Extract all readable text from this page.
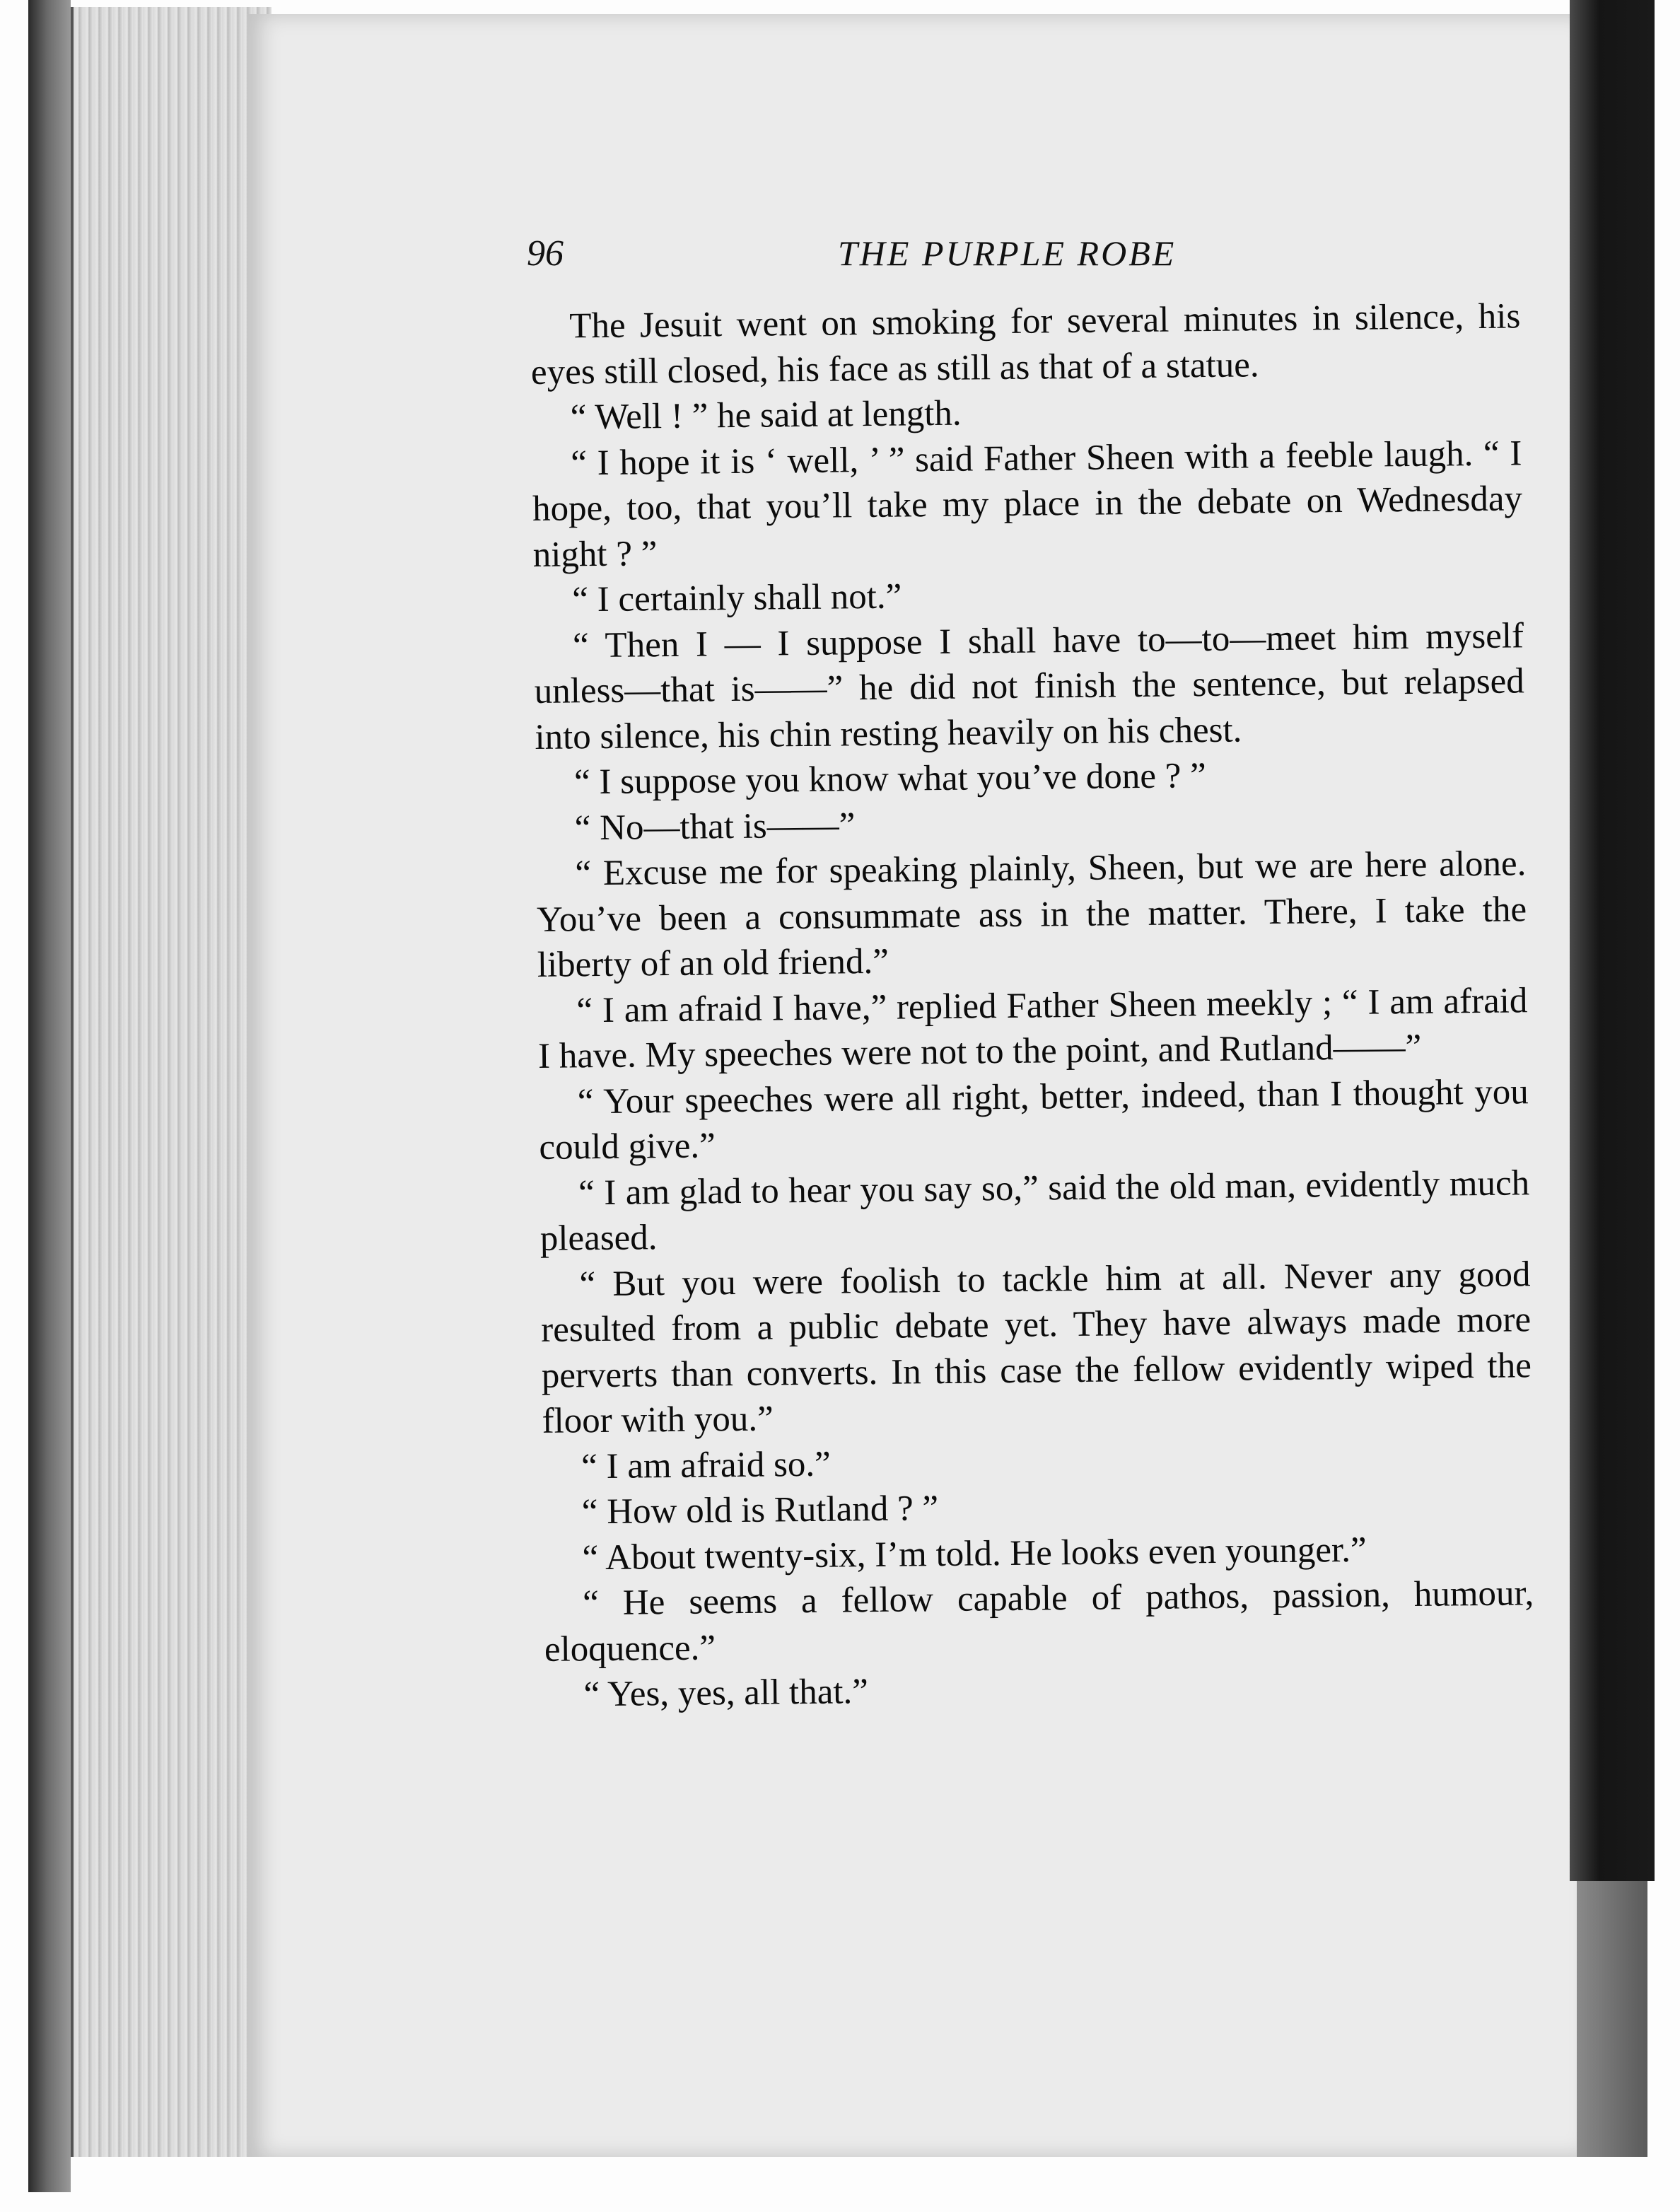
96	THE PURPLE ROBE

The Jesuit went on smoking for several minutes in silence, his eyes still closed, his face as still as that of a statue.

“ Well ! ” he said at length.

“ I hope it is ‘ well, ’ ” said Father Sheen with a feeble laugh. “ I hope, too, that you’ll take my place in the debate on Wednesday night ? ”

“ I certainly shall not.”

“ Then I — I suppose I shall have to—to—meet him myself unless—that is——” he did not finish the sentence, but relapsed into silence, his chin resting heavily on his chest.

“ I suppose you know what you’ve done ? ”

“ No—that is——”

“ Excuse me for speaking plainly, Sheen, but we are here alone. You’ve been a consummate ass in the matter. There, I take the liberty of an old friend.”

“ I am afraid I have,” replied Father Sheen meekly ; “ I am afraid I have. My speeches were not to the point, and Rutland——”

“ Your speeches were all right, better, indeed, than I thought you could give.”

“ I am glad to hear you say so,” said the old man, evidently much pleased.

“ But you were foolish to tackle him at all. Never any good resulted from a public debate yet. They have always made more perverts than converts. In this case the fellow evidently wiped the floor with you.”

“ I am afraid so.”

“ How old is Rutland ? ”

“ About twenty-six, I’m told. He looks even younger.”

“ He seems a fellow capable of pathos, passion, humour, eloquence.”

“ Yes, yes, all that.”
